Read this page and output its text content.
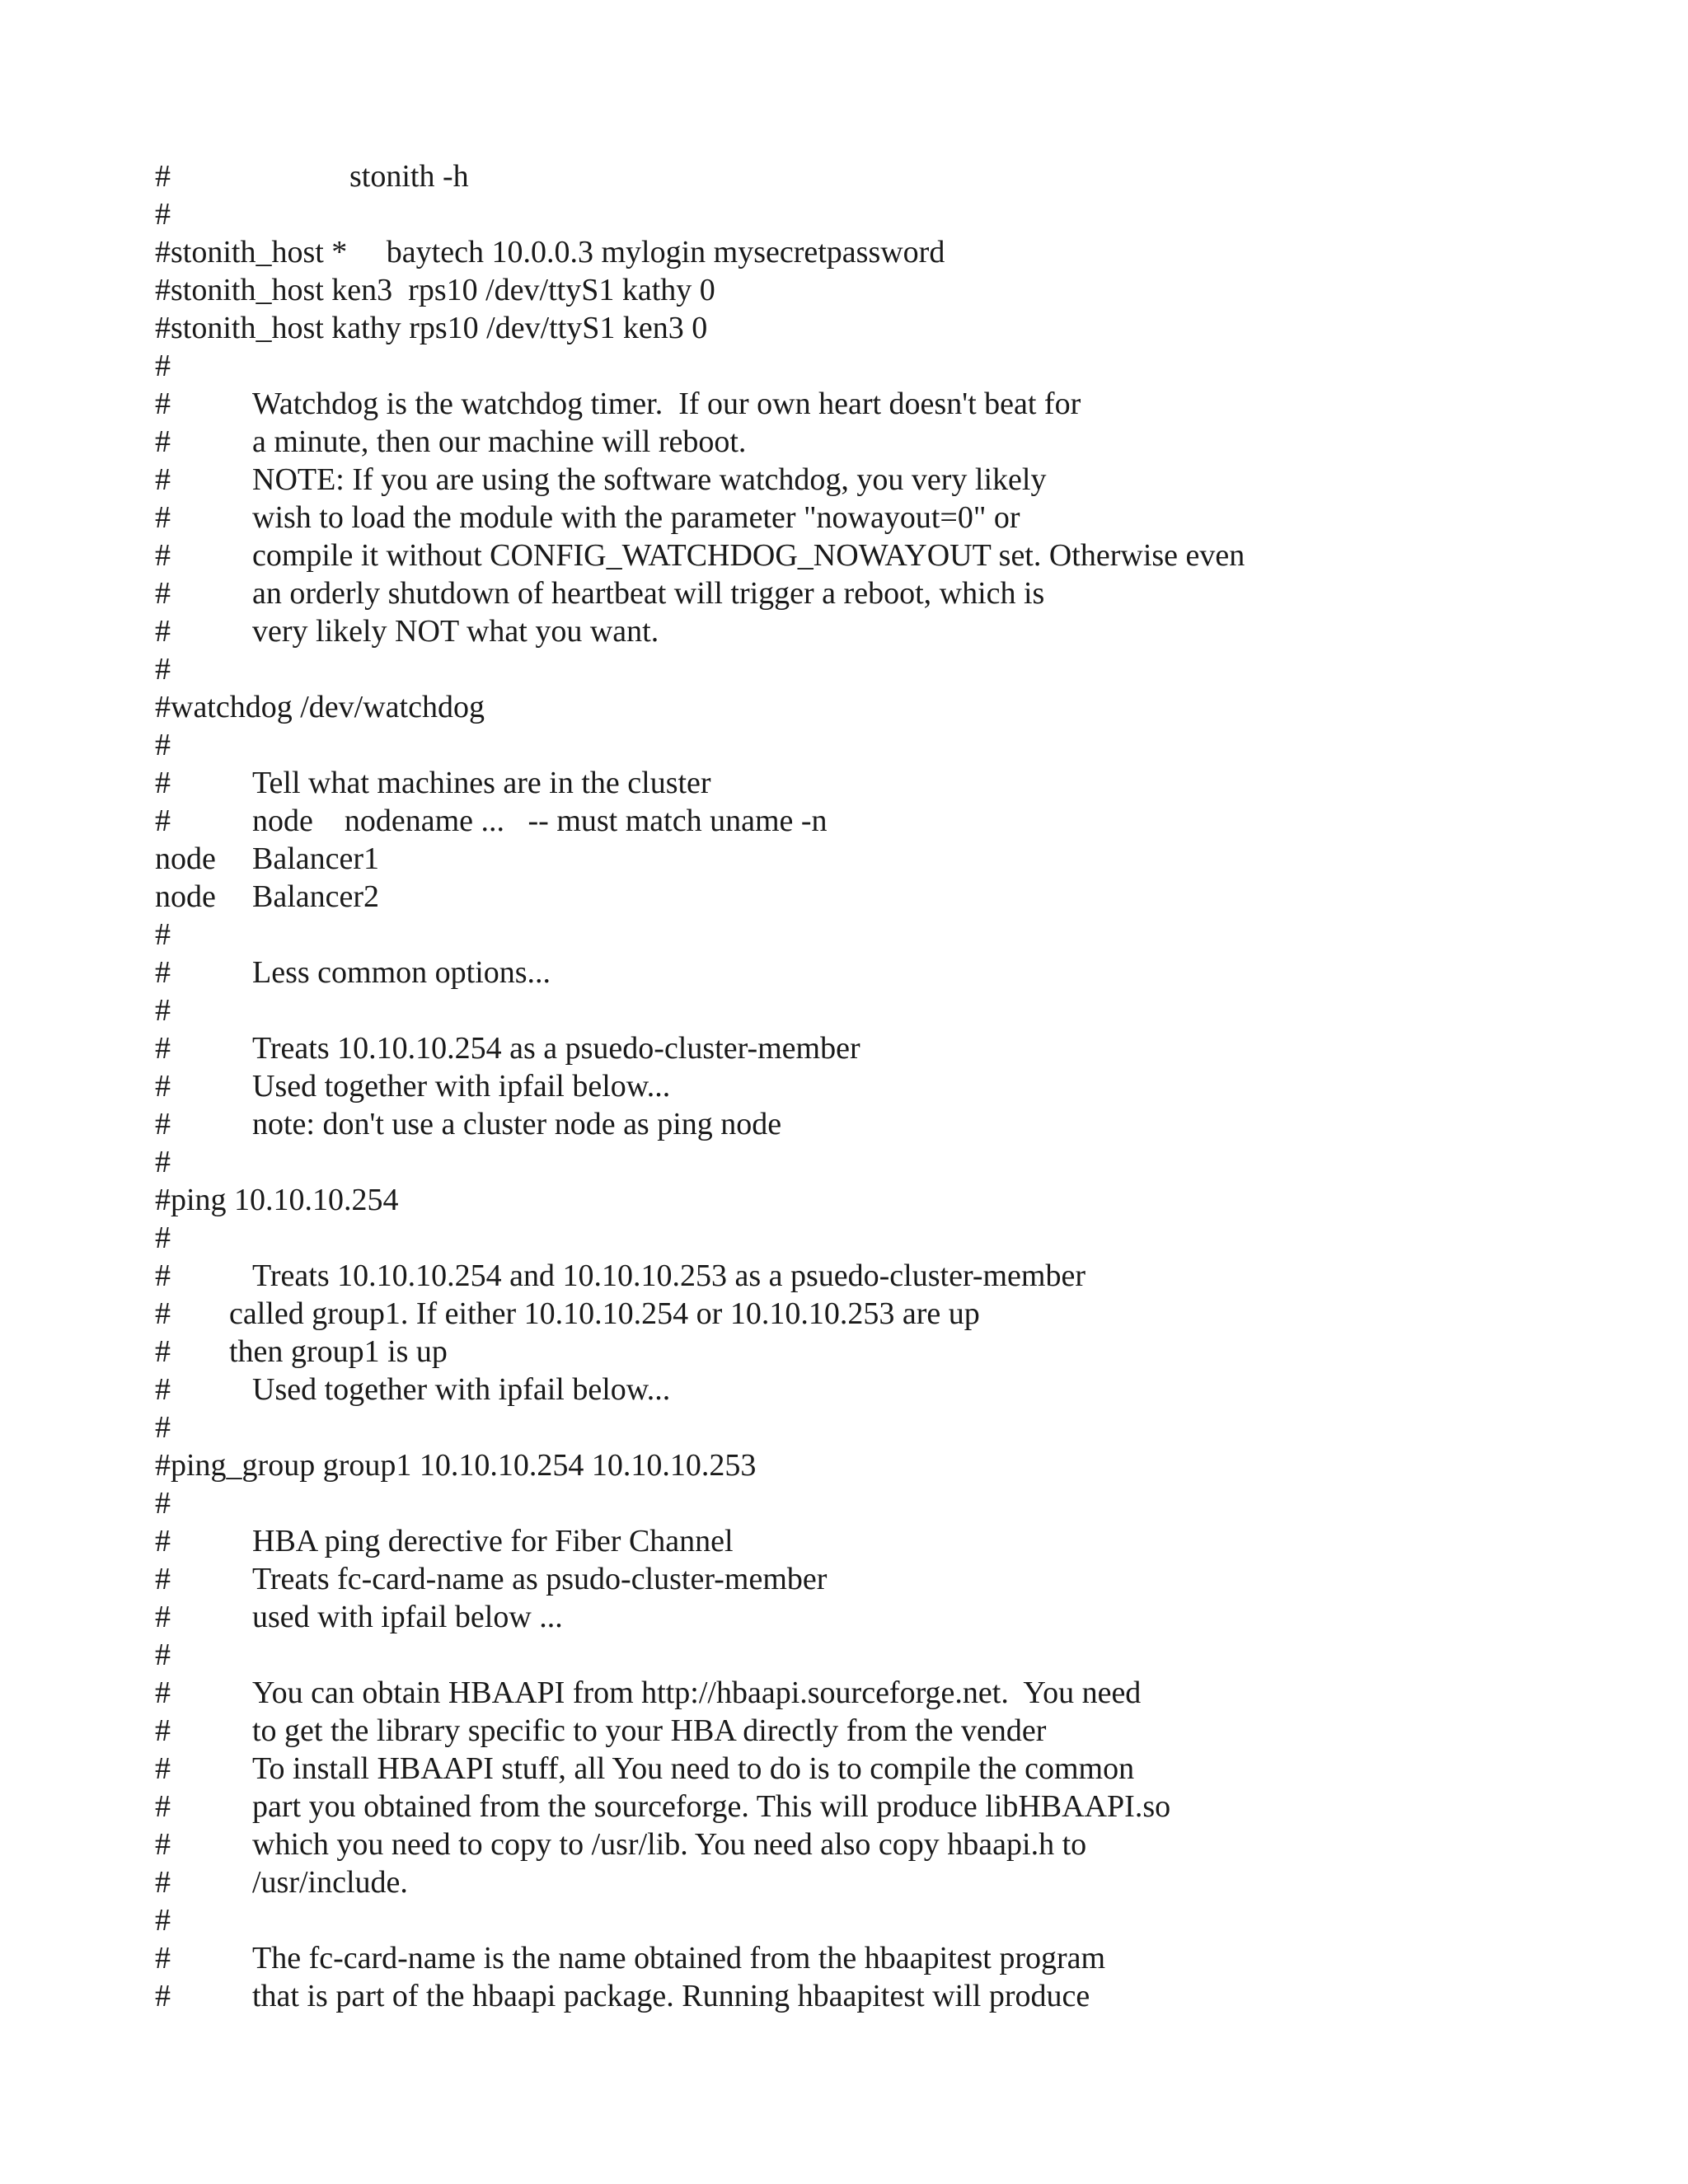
#	stonith -h
#
#stonith_host *     baytech 10.0.0.3 mylogin mysecretpassword
#stonith_host ken3  rps10 /dev/ttyS1 kathy 0
#stonith_host kathy rps10 /dev/ttyS1 ken3 0
#
#	Watchdog is the watchdog timer.  If our own heart doesn't beat for
#	a minute, then our machine will reboot.
#	NOTE: If you are using the software watchdog, you very likely
#	wish to load the module with the parameter "nowayout=0" or
#	compile it without CONFIG_WATCHDOG_NOWAYOUT set. Otherwise even
#	an orderly shutdown of heartbeat will trigger a reboot, which is
#	very likely NOT what you want.
#
#watchdog /dev/watchdog
#
#	Tell what machines are in the cluster
#	node    nodename ...   -- must match uname -n
node Balancer1
node Balancer2
#
#	Less common options...
#
#	Treats 10.10.10.254 as a psuedo-cluster-member
#	Used together with ipfail below...
#	note: don't use a cluster node as ping node
#
#ping 10.10.10.254
#
#	Treats 10.10.10.254 and 10.10.10.253 as a psuedo-cluster-member
# called group1. If either 10.10.10.254 or 10.10.10.253 are up
# then group1 is up
#	Used together with ipfail below...
#
#ping_group group1 10.10.10.254 10.10.10.253
#
#	HBA ping derective for Fiber Channel
#	Treats fc-card-name as psudo-cluster-member
#	used with ipfail below ...
#
#	You can obtain HBAAPI from http://hbaapi.sourceforge.net.  You need
#	to get the library specific to your HBA directly from the vender
#	To install HBAAPI stuff, all You need to do is to compile the common
#	part you obtained from the sourceforge. This will produce libHBAAPI.so
#	which you need to copy to /usr/lib. You need also copy hbaapi.h to
#	/usr/include.
#
#	The fc-card-name is the name obtained from the hbaapitest program
#	that is part of the hbaapi package. Running hbaapitest will produce
